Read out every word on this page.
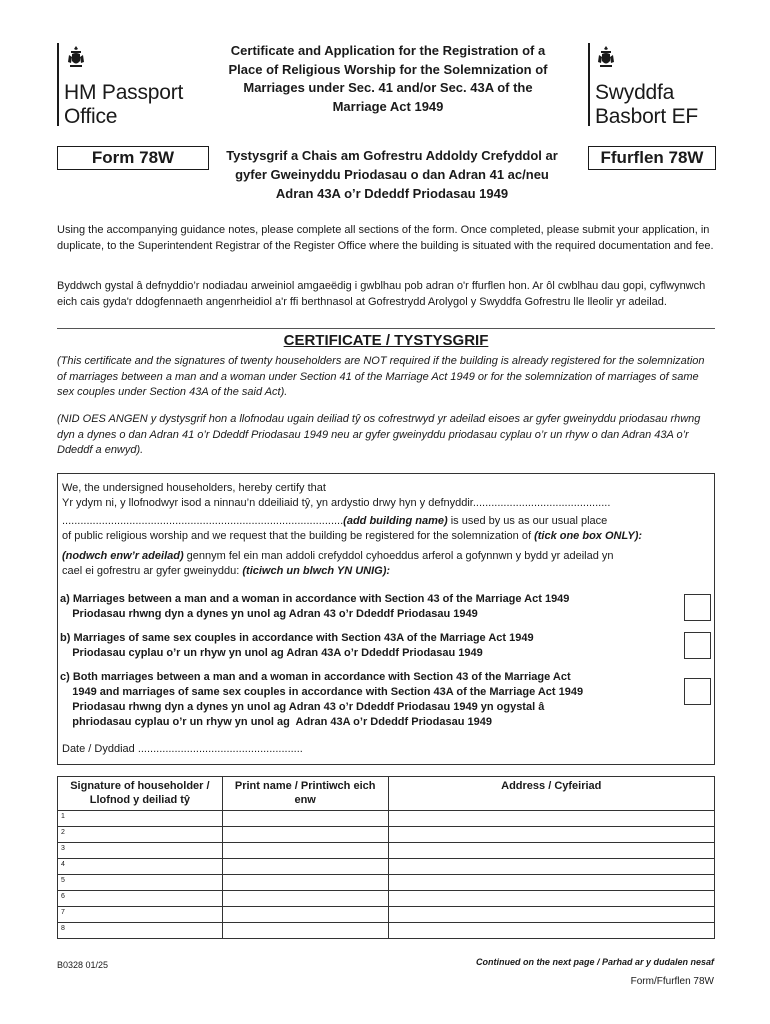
HM Passport
Office
Swyddfa
Basbort EF
Certificate and Application for the Registration of a Place of Religious Worship for the Solemnization of Marriages under Sec. 41 and/or Sec. 43A of the Marriage Act 1949
Tystysgrif a Chais am Gofrestru Addoldy Crefyddol ar gyfer Gweinyddu Priodasau o dan Adran 41 ac/neu Adran 43A o’r Ddeddf Priodasau 1949
Form 78W	Ffurflen 78W
Using the accompanying guidance notes, please complete all sections of the form. Once completed, please submit your application, in duplicate, to the Superintendent Registrar of the Register Office where the building is situated with the required documentation and fee.
Byddwch gystal â defnyddio’r nodiadau arweiniol amgaeëdig i gwblhau pob adran o'r ffurflen hon. Ar ôl cwblhau dau gopi, cyflwynwch eich cais gyda'r ddogfennaeth angenrheidiol a'r ffi berthnasol at Gofrestrydd Arolygol y Swyddfa Gofrestru lle lleolir yr adeilad.
CERTIFICATE / TYSTYSGRIF
(This certificate and the signatures of twenty householders are NOT required if the building is already registered for the solemnization of marriages between a man and a woman under Section 41 of the Marriage Act 1949 or for the solemnization of marriages of same sex couples under Section 43A of the said Act).
(NID OES ANGEN y dystysgrif hon a llofnodau ugain deiliad tŷ os cofrestrwyd yr adeilad eisoes ar gyfer gweinyddu priodasau rhwng dyn a dynes o dan Adran 41 o’r Ddeddf Priodasau 1949 neu ar gyfer gweinyddu priodasau cyplau o’r un rhyw o dan Adran 43A o’r Ddeddf a enwyd).
We, the undersigned householders, hereby certify that
Yr ydym ni, y llofnodwyr isod a ninnau’n ddeiliaid tŷ, yn ardystio drwy hyn y defnyddir.............................................
............................................................................................(add building name) is used by us as our usual place
of public religious worship and we request that the building be registered for the solemnization of (tick one box ONLY):
(nodwch enw’r adeilad) gennym fel ein man addoli crefyddol cyhoeddus arferol a gofynnwn y bydd yr adeilad yn
cael ei gofrestru ar gyfer gweinyddu: (ticiwch un blwch YN UNIG):
a) Marriages between a man and a woman in accordance with Section 43 of the Marriage Act 1949
Priodasau rhwng dyn a dynes yn unol ag Adran 43 o’r Ddeddf Priodasau 1949
b) Marriages of same sex couples in accordance with Section 43A of the Marriage Act 1949
Priodasau cyplau o’r un rhyw yn unol ag Adran 43A o’r Ddeddf Priodasau 1949
c) Both marriages between a man and a woman in accordance with Section 43 of the Marriage Act
1949 and marriages of same sex couples in accordance with Section 43A of the Marriage Act 1949
Priodasau rhwng dyn a dynes yn unol ag Adran 43 o’r Ddeddf Priodasau 1949 yn ogystal â
phriodasau cyplau o’r un rhyw yn unol ag  Adran 43A o’r Ddeddf Priodasau 1949
Date / Dyddiad ......................................................
Signature of householder / Llofnod y deiliad tŷ	Print name / Printiwch eich enw	Address / Cyfeiriad
1		
2		
3		
4		
5		
6		
7		
8		
B0328 01/25	Continued on the next page / Parhad ar y dudalen nesaf
Form/Ffurflen 78W
